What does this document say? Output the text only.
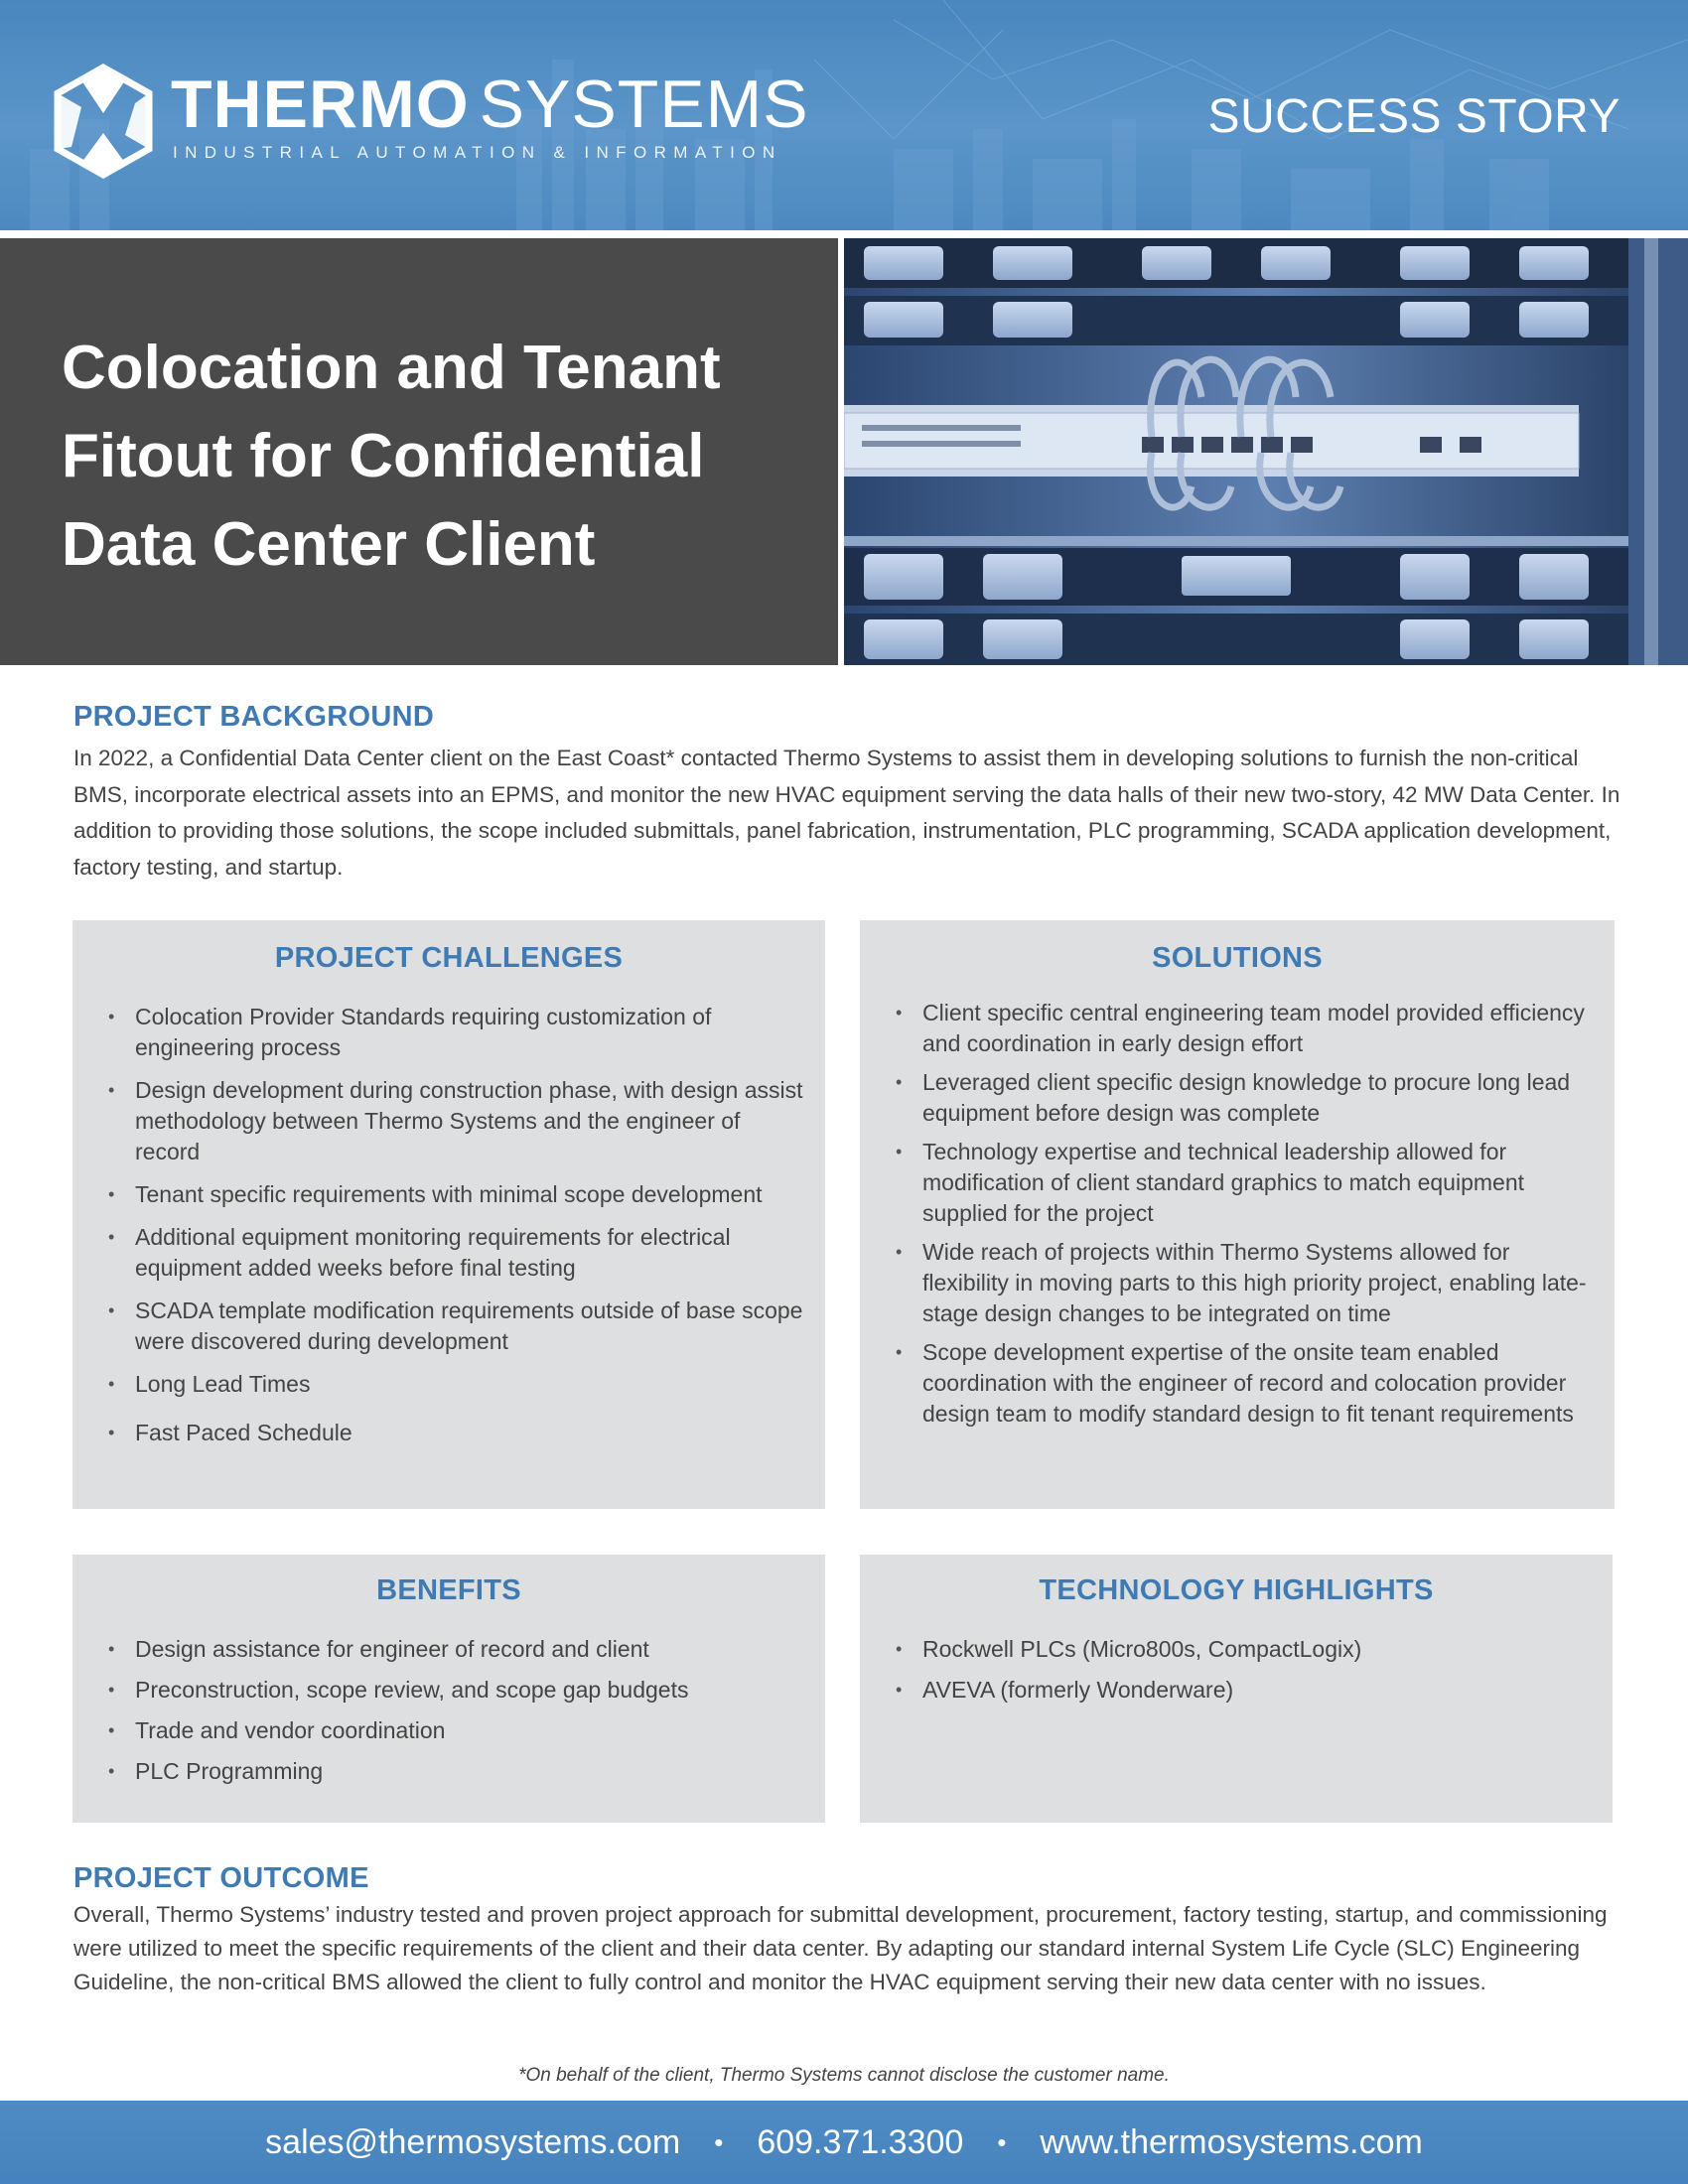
THERMO SYSTEMS
INDUSTRIAL AUTOMATION & INFORMATION
SUCCESS STORY
Colocation and Tenant
Fitout for Confidential
Data Center Client
PROJECT BACKGROUND

In 2022, a Confidential Data Center client on the East Coast* contacted Thermo Systems to assist them in developing solutions to furnish the non-critical BMS, incorporate electrical assets into an EPMS, and monitor the new HVAC equipment serving the data halls of their new two-story, 42 MW Data Center. In addition to providing those solutions, the scope included submittals, panel fabrication, instrumentation, PLC programming, SCADA application development, factory testing, and startup.

PROJECT CHALLENGES
• Colocation Provider Standards requiring customization of engineering process
• Design development during construction phase, with design assist methodology between Thermo Systems and the engineer of record
• Tenant specific requirements with minimal scope development
• Additional equipment monitoring requirements for electrical equipment added weeks before final testing
• SCADA template modification requirements outside of base scope were discovered during development
• Long Lead Times
• Fast Paced Schedule
SOLUTIONS
• Client specific central engineering team model provided efficiency and coordination in early design effort
• Leveraged client specific design knowledge to procure long lead equipment before design was complete
• Technology expertise and technical leadership allowed for modification of client standard graphics to match equipment supplied for the project
• Wide reach of projects within Thermo Systems allowed for flexibility in moving parts to this high priority project, enabling late-stage design changes to be integrated on time
• Scope development expertise of the onsite team enabled coordination with the engineer of record and colocation provider design team to modify standard design to fit tenant requirements
BENEFITS
• Design assistance for engineer of record and client
• Preconstruction, scope review, and scope gap budgets
• Trade and vendor coordination
• PLC Programming
TECHNOLOGY HIGHLIGHTS
• Rockwell PLCs (Micro800s, CompactLogix)
• AVEVA (formerly Wonderware)
PROJECT OUTCOME

Overall, Thermo Systems’ industry tested and proven project approach for submittal development, procurement, factory testing, startup, and commissioning were utilized to meet the specific requirements of the client and their data center. By adapting our standard internal System Life Cycle (SLC) Engineering Guideline, the non-critical BMS allowed the client to fully control and monitor the HVAC equipment serving their new data center with no issues.

*On behalf of the client, Thermo Systems cannot disclose the customer name.
sales@thermosystems.com • 609.371.3300 • www.thermosystems.com
